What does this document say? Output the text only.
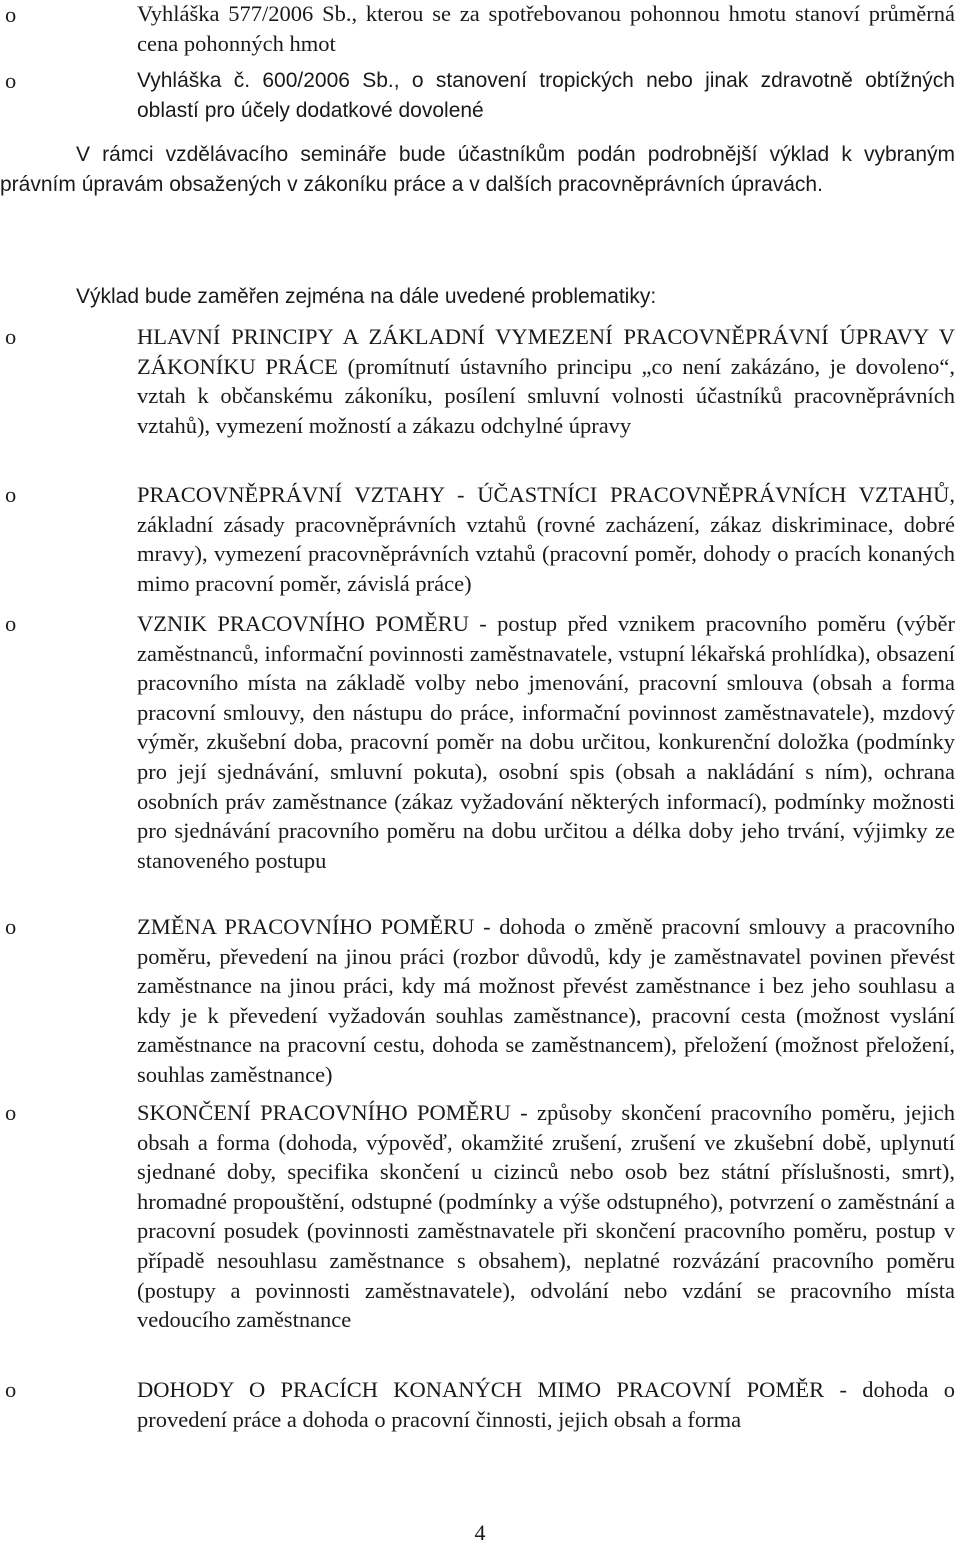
o	Vyhláška 577/2006 Sb., kterou se za spotřebovanou pohonnou hmotu stanoví průměrná cena pohonných hmot
o	Vyhláška č. 600/2006 Sb., o stanovení tropických nebo jinak zdravotně obtížných oblastí pro účely dodatkové dovolené
V rámci vzdělávacího semináře bude účastníkům podán podrobnější výklad k vybraným právním úpravám obsažených v zákoníku práce a v dalších pracovněprávních úpravách.
Výklad bude zaměřen zejména na dále uvedené problematiky:
o	HLAVNÍ PRINCIPY A ZÁKLADNÍ VYMEZENÍ PRACOVNĚPRÁVNÍ ÚPRAVY V ZÁKONÍKU PRÁCE (promítnutí ústavního principu „co není zakázáno, je dovoleno“, vztah k občanskému zákoníku, posílení smluvní volnosti účastníků pracovněprávních vztahů), vymezení možností a zákazu odchylné úpravy
o	PRACOVNĚPRÁVNÍ VZTAHY - ÚČASTNÍCI PRACOVNĚPRÁVNÍCH VZTAHŮ, základní zásady pracovněprávních vztahů (rovné zacházení, zákaz diskriminace, dobré mravy), vymezení pracovněprávních vztahů (pracovní poměr, dohody o pracích konaných mimo pracovní poměr, závislá práce)
o	VZNIK PRACOVNÍHO POMĚRU - postup před vznikem pracovního poměru (výběr zaměstnanců, informační povinnosti zaměstnavatele, vstupní lékařská prohlídka), obsazení pracovního místa na základě volby nebo jmenování, pracovní smlouva (obsah a forma pracovní smlouvy, den nástupu do práce, informační povinnost zaměstnavatele), mzdový výměr, zkušební doba, pracovní poměr na dobu určitou, konkurenční doložka (podmínky pro její sjednávání, smluvní pokuta), osobní spis (obsah a nakládání s ním), ochrana osobních práv zaměstnance (zákaz vyžadování některých informací), podmínky možnosti pro sjednávání pracovního poměru na dobu určitou a délka doby jeho trvání, výjimky ze stanoveného postupu
o	ZMĚNA PRACOVNÍHO POMĚRU - dohoda o změně pracovní smlouvy a pracovního poměru, převedení na jinou práci (rozbor důvodů, kdy je zaměstnavatel povinen převést zaměstnance na jinou práci, kdy má možnost převést zaměstnance i bez jeho souhlasu a kdy je k převedení vyžadován souhlas zaměstnance), pracovní cesta (možnost vyslání zaměstnance na pracovní cestu, dohoda se zaměstnancem), přeložení (možnost přeložení, souhlas zaměstnance)
o	SKONČENÍ PRACOVNÍHO POMĚRU - způsoby skončení pracovního poměru, jejich obsah a forma (dohoda, výpověď, okamžité zrušení, zrušení ve zkušební době, uplynutí sjednané doby, specifika skončení u cizinců nebo osob bez státní příslušnosti, smrt), hromadné propouštění, odstupné (podmínky a výše odstupného), potvrzení o zaměstnání a pracovní posudek (povinnosti zaměstnavatele při skončení pracovního poměru, postup v případě nesouhlasu zaměstnance s obsahem), neplatné rozvázání pracovního poměru (postupy a povinnosti zaměstnavatele), odvolání nebo vzdání se pracovního místa vedoucího zaměstnance
o	DOHODY O PRACÍCH KONANÝCH MIMO PRACOVNÍ POMĚR - dohoda o provedení práce a dohoda o pracovní činnosti, jejich obsah a forma
4
